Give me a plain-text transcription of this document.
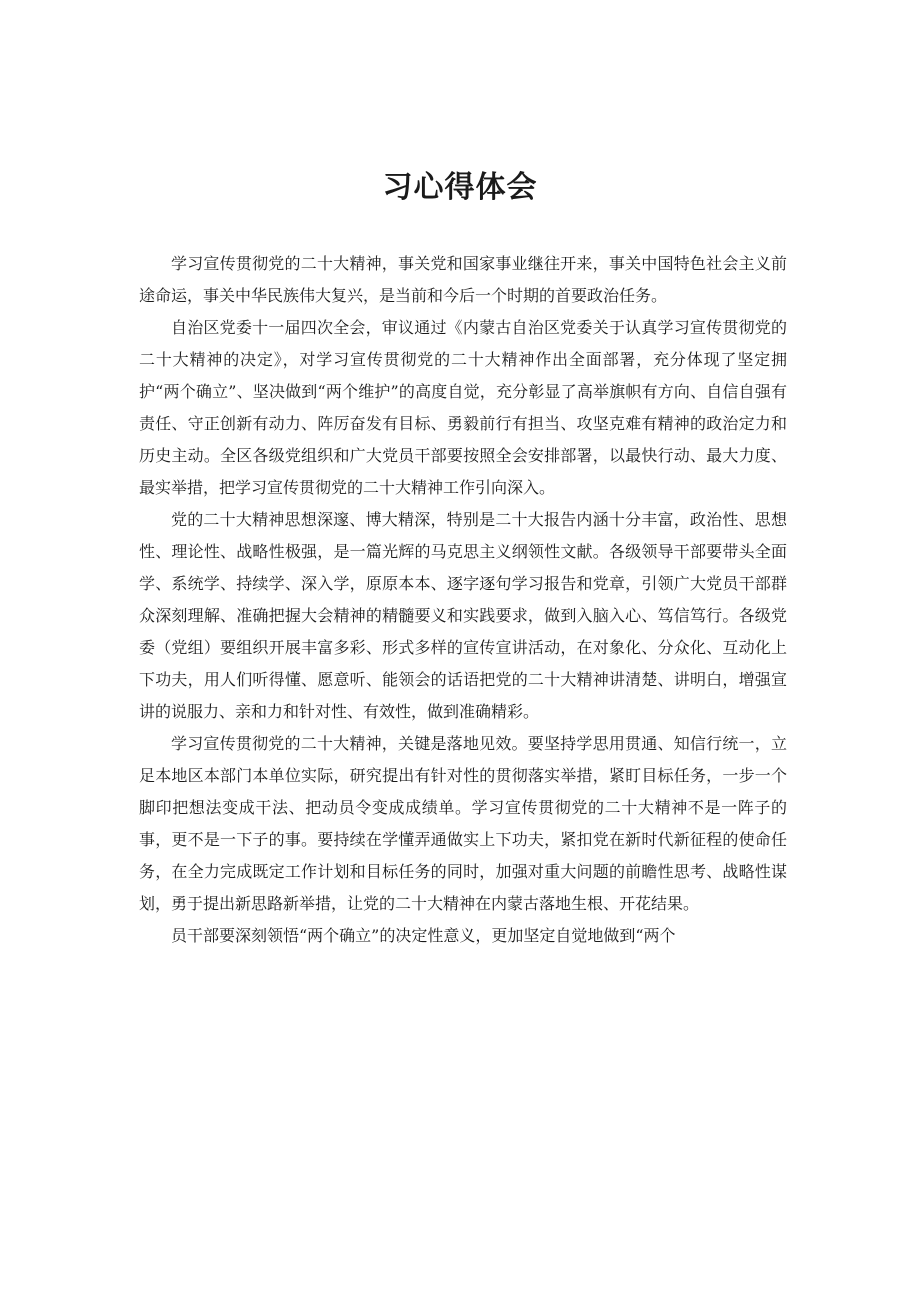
习心得体会

学习宣传贯彻党的二十大精神，事关党和国家事业继往开来，事关中国特色社会主义前途命运，事关中华民族伟大复兴，是当前和今后一个时期的首要政治任务。

自治区党委十一届四次全会，审议通过《内蒙古自治区党委关于认真学习宣传贯彻党的二十大精神的决定》，对学习宣传贯彻党的二十大精神作出全面部署，充分体现了坚定拥护“两个确立”、坚决做到“两个维护”的高度自觉，充分彰显了高举旗帜有方向、自信自强有责任、守正创新有动力、阵厉奋发有目标、勇毅前行有担当、攻坚克难有精神的政治定力和历史主动。全区各级党组织和广大党员干部要按照全会安排部署，以最快行动、最大力度、最实举措，把学习宣传贯彻党的二十大精神工作引向深入。

党的二十大精神思想深邃、博大精深，特别是二十大报告内涵十分丰富，政治性、思想性、理论性、战略性极强，是一篇光辉的马克思主义纲领性文献。各级领导干部要带头全面学、系统学、持续学、深入学，原原本本、逐字逐句学习报告和党章，引领广大党员干部群众深刻理解、准确把握大会精神的精髓要义和实践要求，做到入脑入心、笃信笃行。各级党委（党组）要组织开展丰富多彩、形式多样的宣传宣讲活动，在对象化、分众化、互动化上下功夫，用人们听得懂、愿意听、能领会的话语把党的二十大精神讲清楚、讲明白，增强宣讲的说服力、亲和力和针对性、有效性，做到准确精彩。

学习宣传贯彻党的二十大精神，关键是落地见效。要坚持学思用贯通、知信行统一，立足本地区本部门本单位实际，研究提出有针对性的贯彻落实举措，紧盯目标任务，一步一个脚印把想法变成干法、把动员令变成成绩单。学习宣传贯彻党的二十大精神不是一阵子的事，更不是一下子的事。要持续在学懂弄通做实上下功夫，紧扣党在新时代新征程的使命任务，在全力完成既定工作计划和目标任务的同时，加强对重大问题的前瞻性思考、战略性谋划，勇于提出新思路新举措，让党的二十大精神在内蒙古落地生根、开花结果。

员干部要深刻领悟“两个确立”的决定性意义，更加坚定自觉地做到“两个
